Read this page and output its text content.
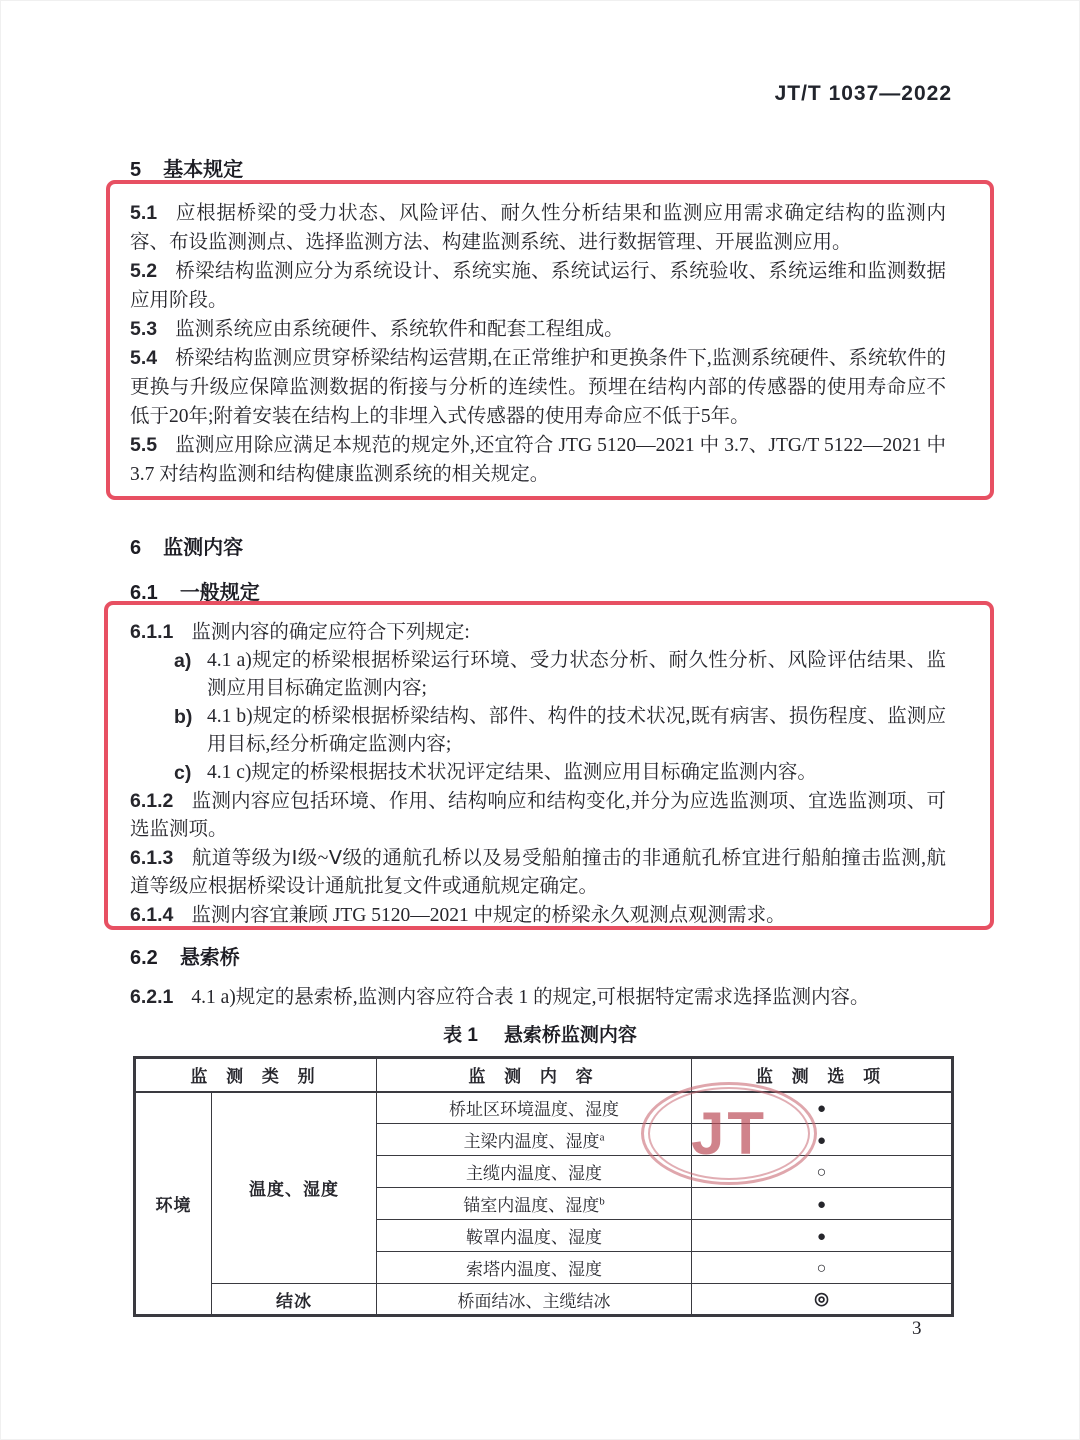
JT/T 1037—2022
5 基本规定

5.1 应根据桥梁的受力状态、风险评估、耐久性分析结果和监测应用需求确定结构的监测内容、布设监测测点、选择监测方法、构建监测系统、进行数据管理、开展监测应用。

5.2 桥梁结构监测应分为系统设计、系统实施、系统试运行、系统验收、系统运维和监测数据应用阶段。

5.3 监测系统应由系统硬件、系统软件和配套工程组成。

5.4 桥梁结构监测应贯穿桥梁结构运营期,在正常维护和更换条件下,监测系统硬件、系统软件的更换与升级应保障监测数据的衔接与分析的连续性。预埋在结构内部的传感器的使用寿命应不低于20年;附着安装在结构上的非埋入式传感器的使用寿命应不低于5年。

5.5 监测应用除应满足本规范的规定外,还宜符合 JTG 5120—2021 中 3.7、JTG/T 5122—2021 中 3.7 对结构监测和结构健康监测系统的相关规定。

6 监测内容
6.1 一般规定

6.1.1 监测内容的确定应符合下列规定:

a) 4.1 a)规定的桥梁根据桥梁运行环境、受力状态分析、耐久性分析、风险评估结果、监测应用目标确定监测内容;

b) 4.1 b)规定的桥梁根据桥梁结构、部件、构件的技术状况,既有病害、损伤程度、监测应用目标,经分析确定监测内容;

c) 4.1 c)规定的桥梁根据技术状况评定结果、监测应用目标确定监测内容。

6.1.2 监测内容应包括环境、作用、结构响应和结构变化,并分为应选监测项、宜选监测项、可选监测项。

6.1.3 航道等级为Ⅰ级~Ⅴ级的通航孔桥以及易受船舶撞击的非通航孔桥宜进行船舶撞击监测,航道等级应根据桥梁设计通航批复文件或通航规定确定。

6.1.4 监测内容宜兼顾 JTG 5120—2021 中规定的桥梁永久观测点观测需求。

6.2 悬索桥

6.2.1 4.1 a)规定的悬索桥,监测内容应符合表 1 的规定,可根据特定需求选择监测内容。

表 1 悬索桥监测内容
监 测 类 别		监 测 内 容	监 测 选 项
环境	温度、湿度	桥址区环境温度、湿度	●
		主梁内温度、湿度$^a$	●
		主缆内温度、湿度	○
		锚室内温度、湿度$^b$	●
		鞍罩内温度、湿度	●
		索塔内温度、湿度	○
	结冰	桥面结冰、主缆结冰	◎
JT
3
